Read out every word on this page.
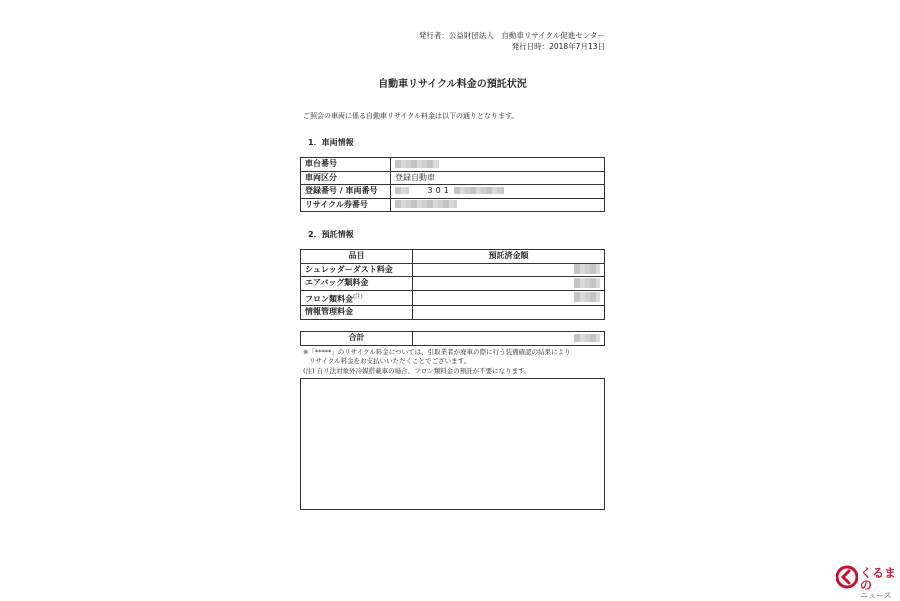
発行者：公益財団法人　自動車リサイクル促進センター
発行日時：2018年7月13日
自動車リサイクル料金の預託状況
ご照会の車両に係る自動車リサイクル料金は以下の通りとなります。
1．車両情報
車台番号	
車両区分	登録自動車
登録番号 / 車両番号	301
リサイクル券番号	
2．預託情報
品目	預託済金額
シュレッダーダスト料金	
エアバッグ類料金	
フロン類料金$^{(注)}$	
情報管理料金	
合計	
※「*****」のリサイクル料金については、引取業者が廃車の際に行う装備確認の結果により
リサイクル料金をお支払いいただくことでございます。
(注) 自リ法対象外冷媒搭載車の場合、フロン類料金の預託が不要になります。
くるまの
ニュース
